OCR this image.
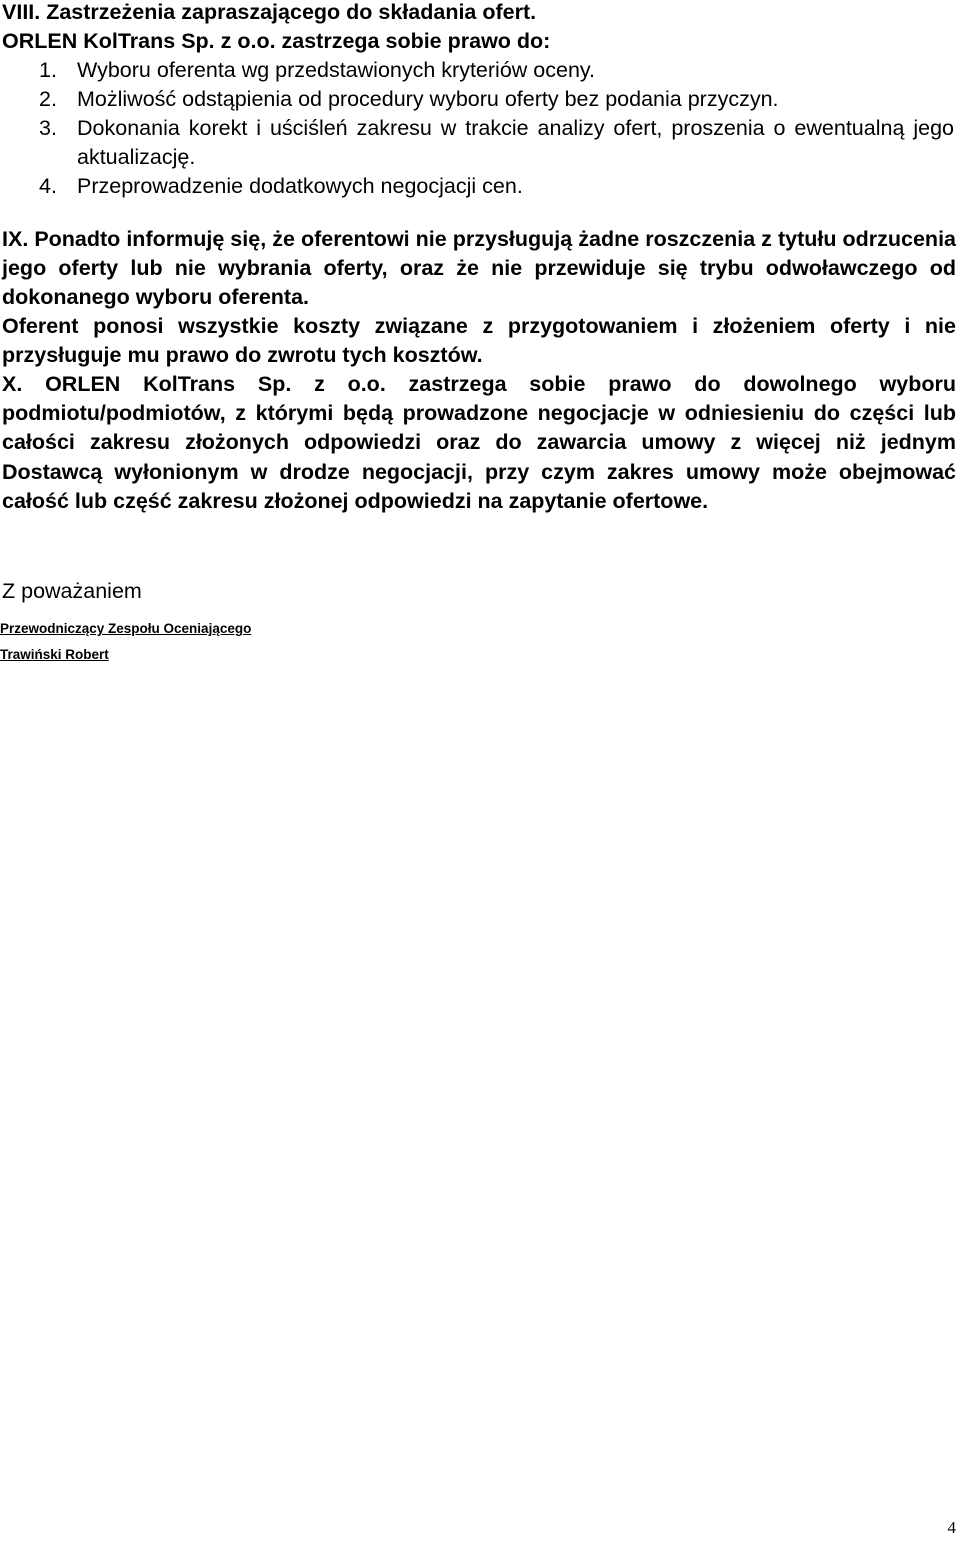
VIII. Zastrzeżenia zapraszającego do składania ofert.

ORLEN KolTrans Sp. z o.o. zastrzega sobie prawo do:

1. Wyboru oferenta wg przedstawionych kryteriów oceny.
2. Możliwość odstąpienia od procedury wyboru oferty bez podania przyczyn.
3. Dokonania korekt i uściśleń zakresu w trakcie analizy ofert, proszenia o ewentualną jego aktualizację.
4. Przeprowadzenie dodatkowych negocjacji cen.

IX. Ponadto informuję się, że oferentowi nie przysługują żadne roszczenia z tytułu odrzucenia jego oferty lub nie wybrania oferty, oraz że nie przewiduje się trybu odwoławczego od dokonanego wyboru oferenta.

Oferent ponosi wszystkie koszty związane z przygotowaniem i złożeniem oferty i nie przysługuje mu prawo do zwrotu tych kosztów.

X. ORLEN KolTrans Sp. z o.o. zastrzega sobie prawo do dowolnego wyboru podmiotu/podmiotów, z którymi będą prowadzone negocjacje w odniesieniu do części lub całości zakresu złożonych odpowiedzi oraz do zawarcia umowy z więcej niż jednym Dostawcą wyłonionym w drodze negocjacji, przy czym zakres umowy może obejmować całość lub część zakresu złożonej odpowiedzi na zapytanie ofertowe.

Z poważaniem
Przewodniczący Zespołu Oceniającego
Trawiński Robert
4
